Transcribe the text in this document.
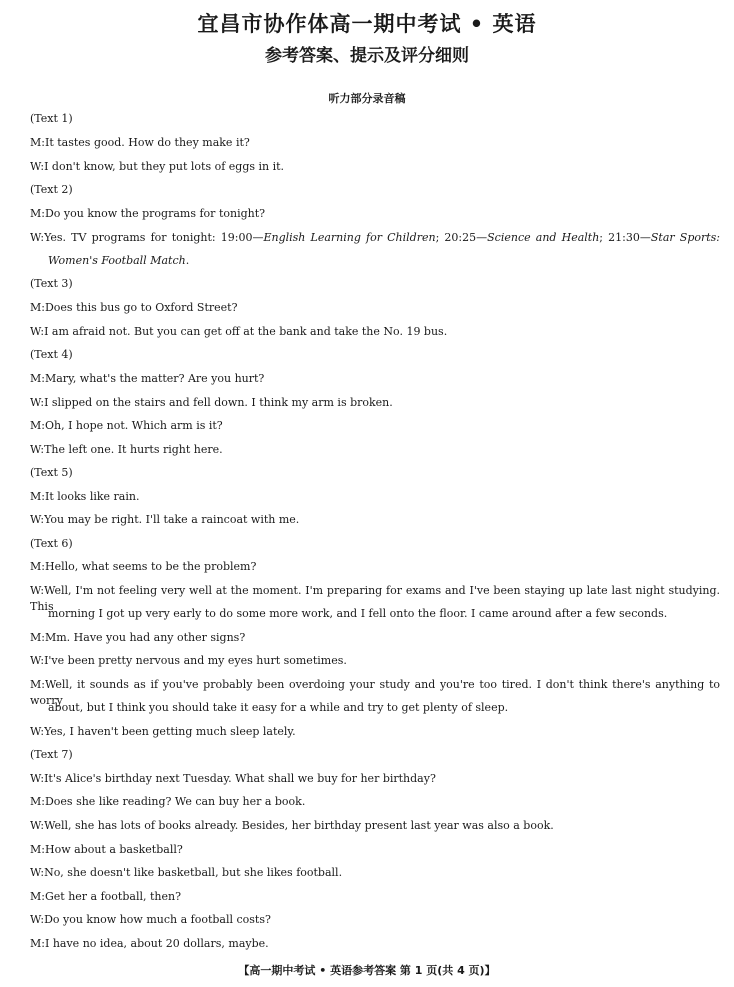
宜昌市协作体高一期中考试 • 英语
参考答案、提示及评分细则
听力部分录音稿
(Text 1)
M:It tastes good. How do they make it?
W:I don't know, but they put lots of eggs in it.
(Text 2)
M:Do you know the programs for tonight?
W:Yes. TV programs for tonight: 19:00—English Learning for Children; 20:25—Science and Health; 21:30—Star Sports:
Women's Football Match.
(Text 3)
M:Does this bus go to Oxford Street?
W:I am afraid not. But you can get off at the bank and take the No. 19 bus.
(Text 4)
M:Mary, what's the matter? Are you hurt?
W:I slipped on the stairs and fell down. I think my arm is broken.
M:Oh, I hope not. Which arm is it?
W:The left one. It hurts right here.
(Text 5)
M:It looks like rain.
W:You may be right. I'll take a raincoat with me.
(Text 6)
M:Hello, what seems to be the problem?
W:Well, I'm not feeling very well at the moment. I'm preparing for exams and I've been staying up late last night studying. This
morning I got up very early to do some more work, and I fell onto the floor. I came around after a few seconds.
M:Mm. Have you had any other signs?
W:I've been pretty nervous and my eyes hurt sometimes.
M:Well, it sounds as if you've probably been overdoing your study and you're too tired. I don't think there's anything to worry
about, but I think you should take it easy for a while and try to get plenty of sleep.
W:Yes, I haven't been getting much sleep lately.
(Text 7)
W:It's Alice's birthday next Tuesday. What shall we buy for her birthday?
M:Does she like reading? We can buy her a book.
W:Well, she has lots of books already. Besides, her birthday present last year was also a book.
M:How about a basketball?
W:No, she doesn't like basketball, but she likes football.
M:Get her a football, then?
W:Do you know how much a football costs?
M:I have no idea, about 20 dollars, maybe.
【高一期中考试 • 英语参考答案 第 1 页(共 4 页)】
